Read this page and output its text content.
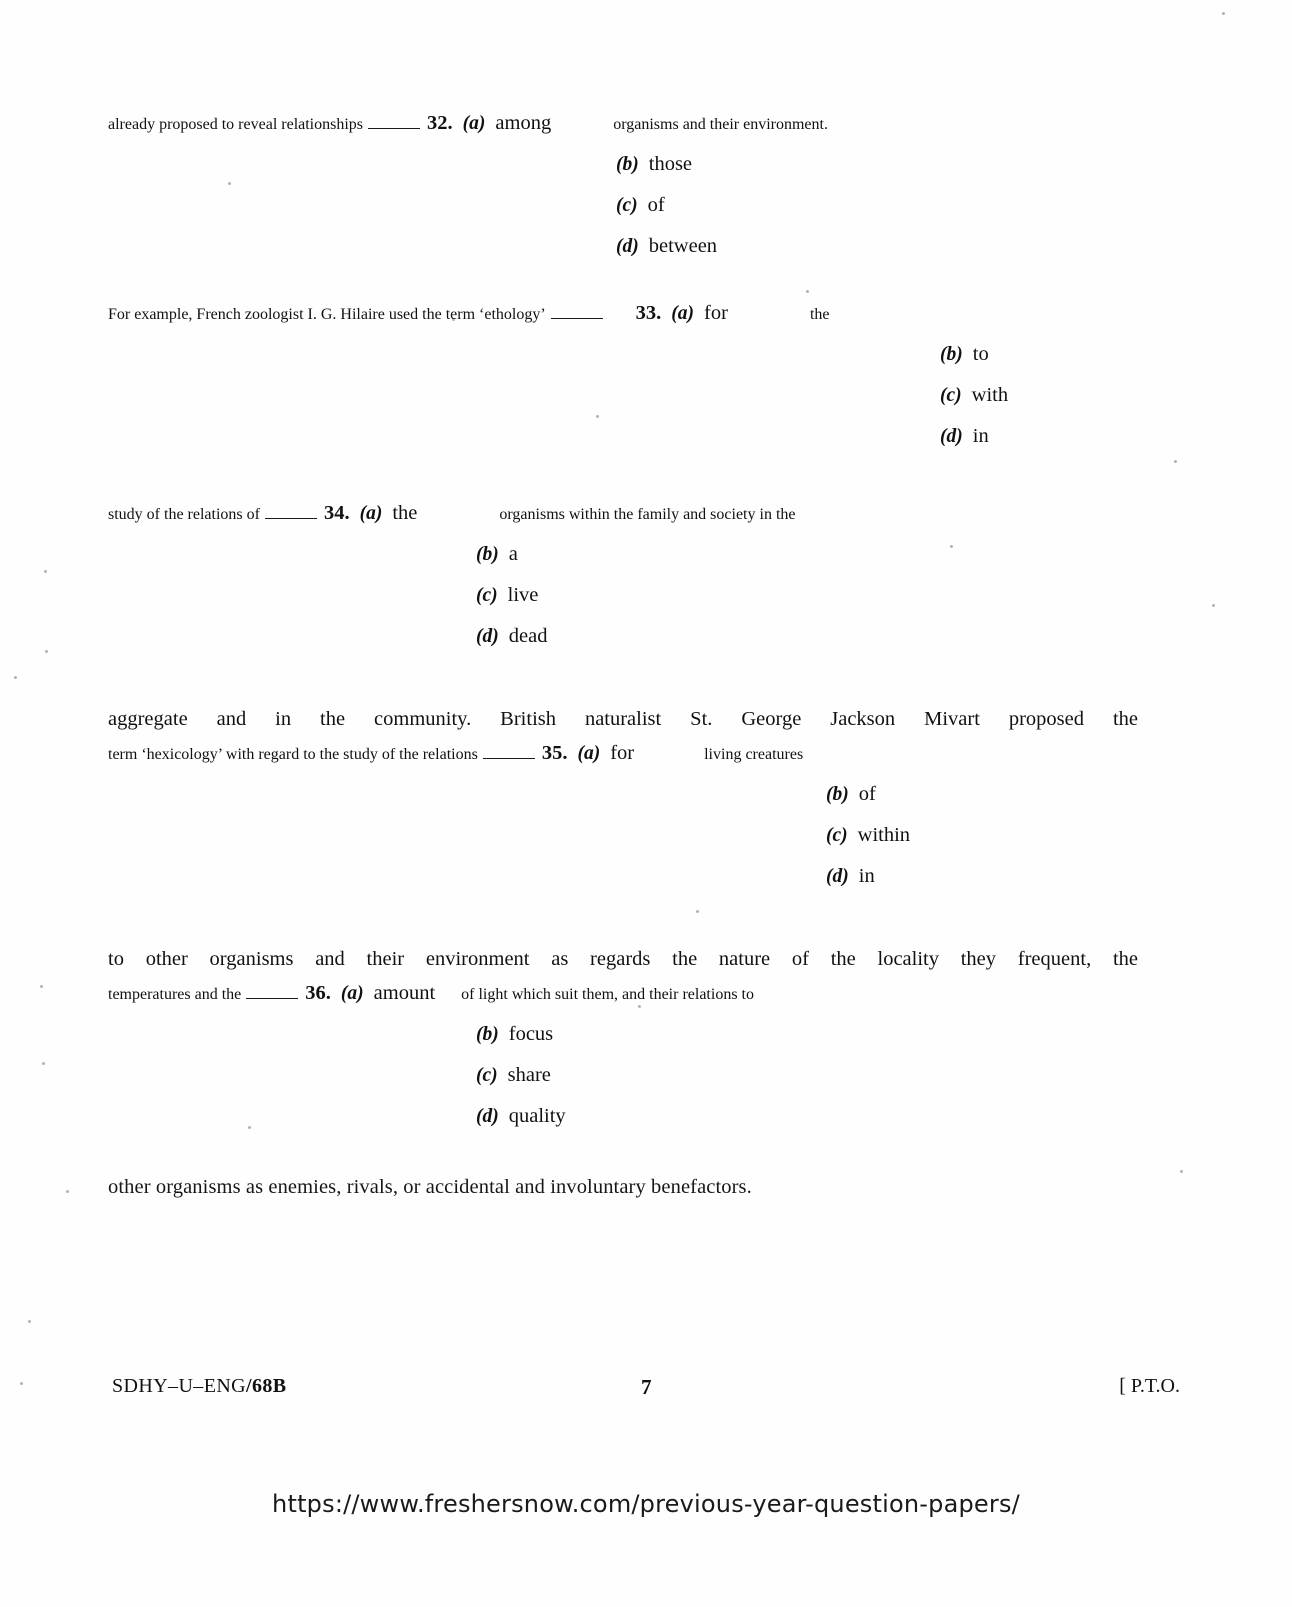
already proposed to reveal relationships	32. (a) among	organisms and their environment.
(b) those
(c) of
(d) between
For example, French zoologist I. G. Hilaire used the term ‘ethology’	33. (a) for	the
(b) to
(c) with
(d) in
study of the relations of	34. (a) the	organisms within the family and society in the
(b) a
(c) live
(d) dead
aggregate and in the community. British naturalist St. George Jackson Mivart proposed the
term ‘hexicology’ with regard to the study of the relations	35. (a) for	living creatures
(b) of
(c) within
(d) in
to other organisms and their environment as regards the nature of the locality they frequent, the
temperatures and the	36. (a) amount of light which suit them, and their relations to
(b) focus
(c) share
(d) quality
other organisms as enemies, rivals, or accidental and involuntary benefactors.
SDHY–U–ENG/68B	7	[ P.T.O.
https://www.freshersnow.com/previous-year-question-papers/
